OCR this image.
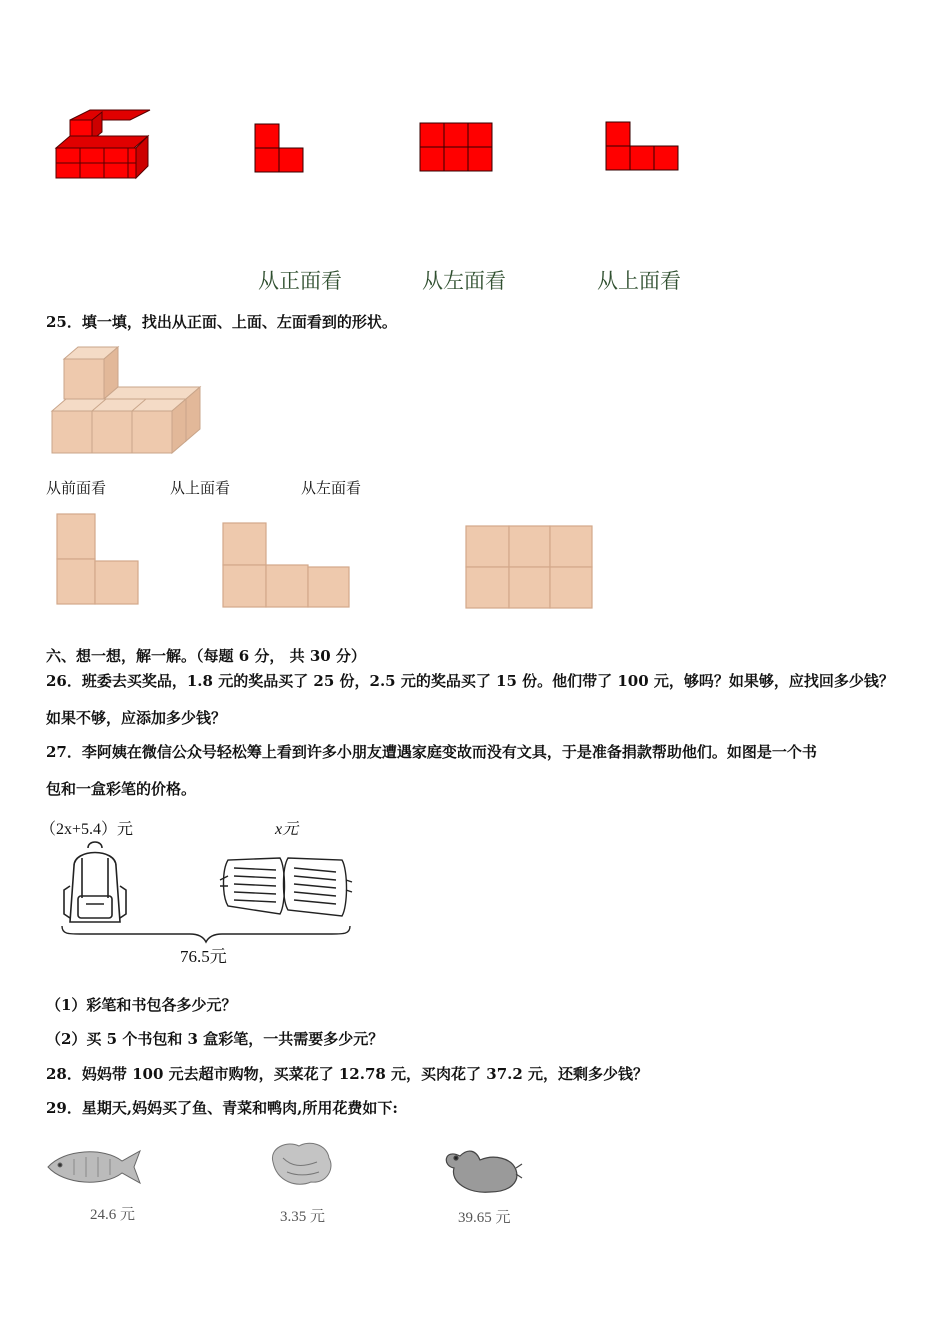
从正面看	从左面看	从上面看
25．填一填，找出从正面、上面、左面看到的形状。
从前面看	从上面看	从左面看
六、想一想，解一解。（每题 6 分， 共 30 分）
26．班委去买奖品，1.8 元的奖品买了 25 份，2.5 元的奖品买了 15 份。他们带了 100 元，够吗？如果够，应找回多少钱？
如果不够，应添加多少钱？
27．李阿姨在微信公众号轻松筹上看到许多小朋友遭遇家庭变故而没有文具，于是准备捐款帮助他们。如图是一个书
包和一盒彩笔的价格。
（2x+5.4）元	x元
76.5元
（1）彩笔和书包各多少元？
（2）买 5 个书包和 3 盒彩笔，一共需要多少元？
28．妈妈带 100 元去超市购物，买菜花了 12.78 元，买肉花了 37.2 元，还剩多少钱？
29．星期天,妈妈买了鱼、青菜和鸭肉,所用花费如下:
24.6 元	3.35 元	39.65 元
